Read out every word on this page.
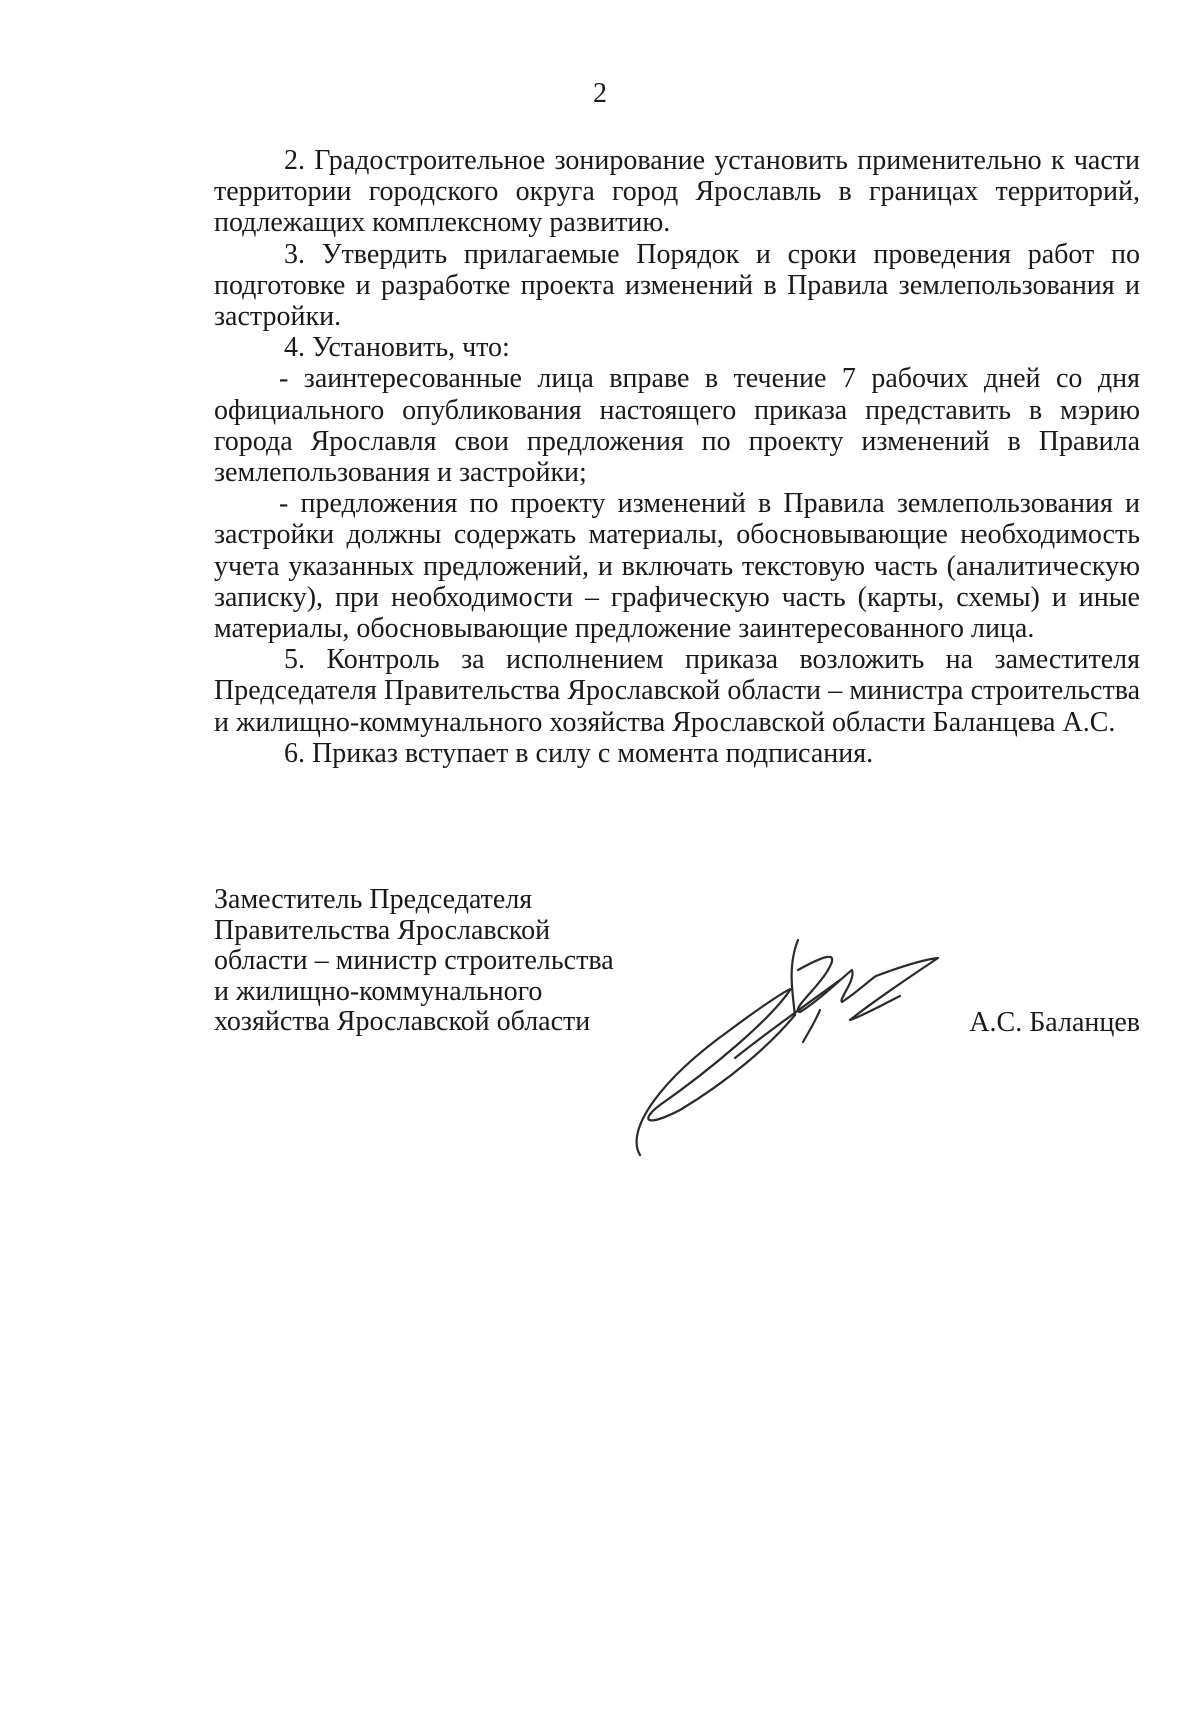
2

2. Градостроительное зонирование установить применительно к части территории городского округа город Ярославль в границах территорий, подлежащих комплексному развитию.

3. Утвердить прилагаемые Порядок и сроки проведения работ по подготовке и разработке проекта изменений в Правила землепользования и застройки.

4. Установить, что:

- заинтересованные лица вправе в течение 7 рабочих дней со дня официального опубликования настоящего приказа представить в мэрию города Ярославля свои предложения по проекту изменений в Правила землепользования и застройки;

- предложения по проекту изменений в Правила землепользования и застройки должны содержать материалы, обосновывающие необходимость учета указанных предложений, и включать текстовую часть (аналитическую записку), при необходимости – графическую часть (карты, схемы) и иные материалы, обосновывающие предложение заинтересованного лица.

5. Контроль за исполнением приказа возложить на заместителя Председателя Правительства Ярославской области – министра строительства и жилищно-коммунального хозяйства Ярославской области Баланцева А.С.

6. Приказ вступает в силу с момента подписания.

Заместитель Председателя
Правительства Ярославской
области – министр строительства
и жилищно-коммунального
хозяйства Ярославской области	А.С. Баланцев
